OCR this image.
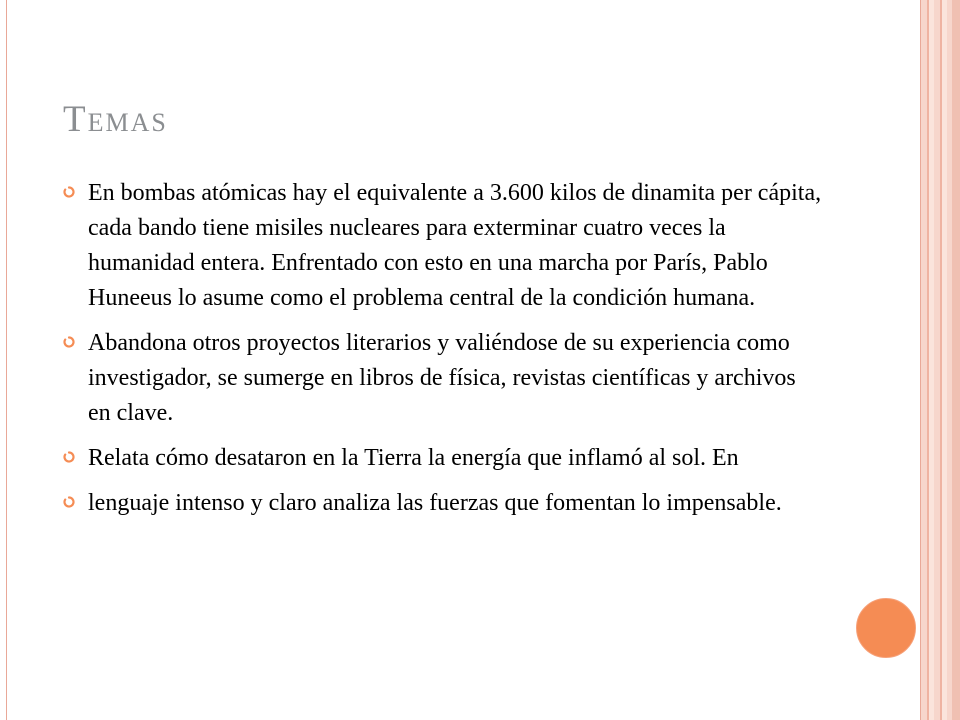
Temas
En bombas atómicas hay el equivalente a 3.600 kilos de dinamita per cápita, cada bando tiene misiles nucleares para exterminar cuatro veces la humanidad entera. Enfrentado con esto en una marcha por París, Pablo Huneeus lo asume como el problema central de la condición humana.
Abandona otros proyectos literarios y valiéndose de su experiencia como investigador, se sumerge en libros de física, revistas científicas y archivos en clave.
Relata cómo desataron en la Tierra la energía que inflamó al sol. En
lenguaje intenso y claro analiza las fuerzas que fomentan lo impensable.
